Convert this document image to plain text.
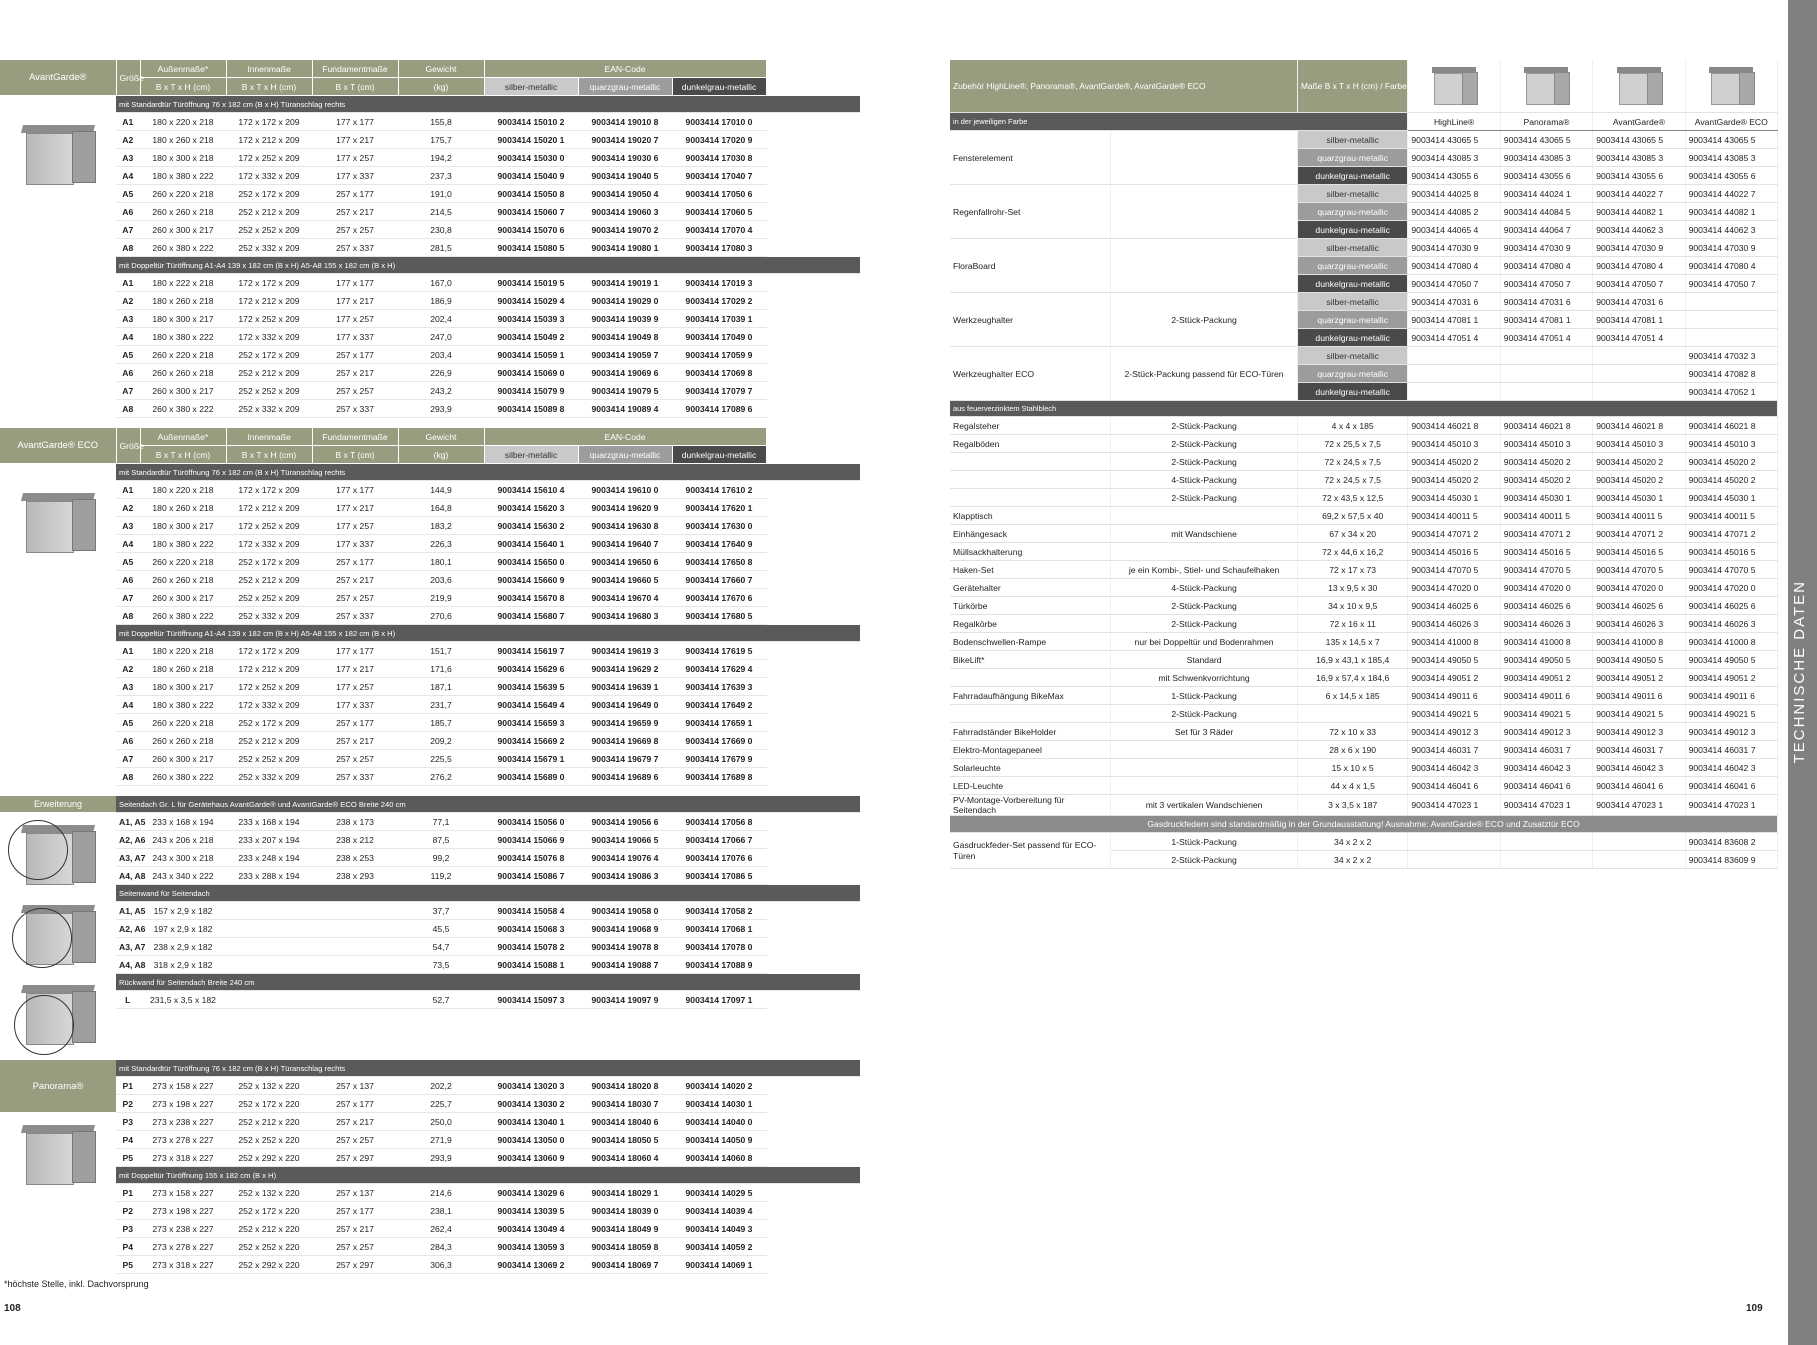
AvantGarde®	Größe	Außenmaße*	Innenmaße	Fundamentmaße	Gewicht	EAN-Code		
		B x T x H (cm)	B x T x H (cm)	B x T (cm)	(kg)	silber-metallic	quarzgrau-metallic	dunkelgrau-metallic
	mit Standardtür Türöffnung 76 x 182 cm (B x H) Türanschlag rechts							
	A1	180 x 220 x 218	172 x 172 x 209	177 x 177	155,8	9003414 15010 2	9003414 19010 8	9003414 17010 0
	A2	180 x 260 x 218	172 x 212 x 209	177 x 217	175,7	9003414 15020 1	9003414 19020 7	9003414 17020 9
	A3	180 x 300 x 218	172 x 252 x 209	177 x 257	194,2	9003414 15030 0	9003414 19030 6	9003414 17030 8
	A4	180 x 380 x 222	172 x 332 x 209	177 x 337	237,3	9003414 15040 9	9003414 19040 5	9003414 17040 7
	A5	260 x 220 x 218	252 x 172 x 209	257 x 177	191,0	9003414 15050 8	9003414 19050 4	9003414 17050 6
	A6	260 x 260 x 218	252 x 212 x 209	257 x 217	214,5	9003414 15060 7	9003414 19060 3	9003414 17060 5
	A7	260 x 300 x 217	252 x 252 x 209	257 x 257	230,8	9003414 15070 6	9003414 19070 2	9003414 17070 4
	A8	260 x 380 x 222	252 x 332 x 209	257 x 337	281,5	9003414 15080 5	9003414 19080 1	9003414 17080 3
	mit Doppeltür Türöffnung A1-A4 139 x 182 cm (B x H) A5-A8 155 x 182 cm (B x H)							
	A1	180 x 222 x 218	172 x 172 x 209	177 x 177	167,0	9003414 15019 5	9003414 19019 1	9003414 17019 3
	A2	180 x 260 x 218	172 x 212 x 209	177 x 217	186,9	9003414 15029 4	9003414 19029 0	9003414 17029 2
	A3	180 x 300 x 217	172 x 252 x 209	177 x 257	202,4	9003414 15039 3	9003414 19039 9	9003414 17039 1
	A4	180 x 380 x 222	172 x 332 x 209	177 x 337	247,0	9003414 15049 2	9003414 19049 8	9003414 17049 0
	A5	260 x 220 x 218	252 x 172 x 209	257 x 177	203,4	9003414 15059 1	9003414 19059 7	9003414 17059 9
	A6	260 x 260 x 218	252 x 212 x 209	257 x 217	226,9	9003414 15069 0	9003414 19069 6	9003414 17069 8
	A7	260 x 300 x 217	252 x 252 x 209	257 x 257	243,2	9003414 15079 9	9003414 19079 5	9003414 17079 7
	A8	260 x 380 x 222	252 x 332 x 209	257 x 337	293,9	9003414 15089 8	9003414 19089 4	9003414 17089 6
AvantGarde® ECO	Größe	Außenmaße*	Innenmaße	Fundamentmaße	Gewicht	EAN-Code		
		B x T x H (cm)	B x T x H (cm)	B x T (cm)	(kg)	silber-metallic	quarzgrau-metallic	dunkelgrau-metallic
	mit Standardtür Türöffnung 76 x 182 cm (B x H) Türanschlag rechts							
	A1	180 x 220 x 218	172 x 172 x 209	177 x 177	144,9	9003414 15610 4	9003414 19610 0	9003414 17610 2
	A2	180 x 260 x 218	172 x 212 x 209	177 x 217	164,8	9003414 15620 3	9003414 19620 9	9003414 17620 1
	A3	180 x 300 x 217	172 x 252 x 209	177 x 257	183,2	9003414 15630 2	9003414 19630 8	9003414 17630 0
	A4	180 x 380 x 222	172 x 332 x 209	177 x 337	226,3	9003414 15640 1	9003414 19640 7	9003414 17640 9
	A5	260 x 220 x 218	252 x 172 x 209	257 x 177	180,1	9003414 15650 0	9003414 19650 6	9003414 17650 8
	A6	260 x 260 x 218	252 x 212 x 209	257 x 217	203,6	9003414 15660 9	9003414 19660 5	9003414 17660 7
	A7	260 x 300 x 217	252 x 252 x 209	257 x 257	219,9	9003414 15670 8	9003414 19670 4	9003414 17670 6
	A8	260 x 380 x 222	252 x 332 x 209	257 x 337	270,6	9003414 15680 7	9003414 19680 3	9003414 17680 5
	mit Doppeltür Türöffnung A1-A4 139 x 182 cm (B x H) A5-A8 155 x 182 cm (B x H)							
	A1	180 x 220 x 218	172 x 172 x 209	177 x 177	151,7	9003414 15619 7	9003414 19619 3	9003414 17619 5
	A2	180 x 260 x 218	172 x 212 x 209	177 x 217	171,6	9003414 15629 6	9003414 19629 2	9003414 17629 4
	A3	180 x 300 x 217	172 x 252 x 209	177 x 257	187,1	9003414 15639 5	9003414 19639 1	9003414 17639 3
	A4	180 x 380 x 222	172 x 332 x 209	177 x 337	231,7	9003414 15649 4	9003414 19649 0	9003414 17649 2
	A5	260 x 220 x 218	252 x 172 x 209	257 x 177	185,7	9003414 15659 3	9003414 19659 9	9003414 17659 1
	A6	260 x 260 x 218	252 x 212 x 209	257 x 217	209,2	9003414 15669 2	9003414 19669 8	9003414 17669 0
	A7	260 x 300 x 217	252 x 252 x 209	257 x 257	225,5	9003414 15679 1	9003414 19679 7	9003414 17679 9
	A8	260 x 380 x 222	252 x 332 x 209	257 x 337	276,2	9003414 15689 0	9003414 19689 6	9003414 17689 8
	Seitendach Gr. L für Gerätehaus AvantGarde® und AvantGarde® ECO Breite 240 cm							
	A1, A5	233 x 168 x 194	233 x 168 x 194	238 x 173	77,1	9003414 15056 0	9003414 19056 6	9003414 17056 8
	A2, A6	243 x 206 x 218	233 x 207 x 194	238 x 212	87,5	9003414 15066 9	9003414 19066 5	9003414 17066 7
	A3, A7	243 x 300 x 218	233 x 248 x 194	238 x 253	99,2	9003414 15076 8	9003414 19076 4	9003414 17076 6
	A4, A8	243 x 340 x 222	233 x 288 x 194	238 x 293	119,2	9003414 15086 7	9003414 19086 3	9003414 17086 5
	Seitenwand für Seitendach							
	A1, A5	157 x 2,9 x 182			37,7	9003414 15058 4	9003414 19058 0	9003414 17058 2
	A2, A6	197 x 2,9 x 182			45,5	9003414 15068 3	9003414 19068 9	9003414 17068 1
	A3, A7	238 x 2,9 x 182			54,7	9003414 15078 2	9003414 19078 8	9003414 17078 0
	A4, A8	318 x 2,9 x 182			73,5	9003414 15088 1	9003414 19088 7	9003414 17088 9
	Rückwand für Seitendach Breite 240 cm							
	L	231,5 x 3,5 x 182			52,7	9003414 15097 3	9003414 19097 9	9003414 17097 1
	mit Standardtür Türöffnung 76 x 182 cm (B x H) Türanschlag rechts							
	P1	273 x 158 x 227	252 x 132 x 220	257 x 137	202,2	9003414 13020 3	9003414 18020 8	9003414 14020 2
	P2	273 x 198 x 227	252 x 172 x 220	257 x 177	225,7	9003414 13030 2	9003414 18030 7	9003414 14030 1
	P3	273 x 238 x 227	252 x 212 x 220	257 x 217	250,0	9003414 13040 1	9003414 18040 6	9003414 14040 0
	P4	273 x 278 x 227	252 x 252 x 220	257 x 257	271,9	9003414 13050 0	9003414 18050 5	9003414 14050 9
	P5	273 x 318 x 227	252 x 292 x 220	257 x 297	293,9	9003414 13060 9	9003414 18060 4	9003414 14060 8
	mit Doppeltür Türöffnung 155 x 182 cm (B x H)							
	P1	273 x 158 x 227	252 x 132 x 220	257 x 137	214,6	9003414 13029 6	9003414 18029 1	9003414 14029 5
	P2	273 x 198 x 227	252 x 172 x 220	257 x 177	238,1	9003414 13039 5	9003414 18039 0	9003414 14039 4
	P3	273 x 238 x 227	252 x 212 x 220	257 x 217	262,4	9003414 13049 4	9003414 18049 9	9003414 14049 3
	P4	273 x 278 x 227	252 x 252 x 220	257 x 257	284,3	9003414 13059 3	9003414 18059 8	9003414 14059 2
	P5	273 x 318 x 227	252 x 292 x 220	257 x 297	306,3	9003414 13069 2	9003414 18069 7	9003414 14069 1
Erweiterung
Panorama®
Zubehör HighLine®, Panorama®, AvantGarde®, AvantGarde® ECO		Maße B x T x H (cm) / Farbe	

in der jeweiligen Farbe			HighLine®	Panorama®	AvantGarde®	AvantGarde® ECO
Fensterelement		silber-metallic	9003414 43065 5	9003414 43065 5	9003414 43065 5	9003414 43065 5
		quarzgrau-metallic	9003414 43085 3	9003414 43085 3	9003414 43085 3	9003414 43085 3
		dunkelgrau-metallic	9003414 43055 6	9003414 43055 6	9003414 43055 6	9003414 43055 6
Regenfallrohr-Set		silber-metallic	9003414 44025 8	9003414 44024 1	9003414 44022 7	9003414 44022 7
		quarzgrau-metallic	9003414 44085 2	9003414 44084 5	9003414 44082 1	9003414 44082 1
		dunkelgrau-metallic	9003414 44065 4	9003414 44064 7	9003414 44062 3	9003414 44062 3
FloraBoard		silber-metallic	9003414 47030 9	9003414 47030 9	9003414 47030 9	9003414 47030 9
		quarzgrau-metallic	9003414 47080 4	9003414 47080 4	9003414 47080 4	9003414 47080 4
		dunkelgrau-metallic	9003414 47050 7	9003414 47050 7	9003414 47050 7	9003414 47050 7
Werkzeughalter	2-Stück-Packung	silber-metallic	9003414 47031 6	9003414 47031 6	9003414 47031 6	
		quarzgrau-metallic	9003414 47081 1	9003414 47081 1	9003414 47081 1	
		dunkelgrau-metallic	9003414 47051 4	9003414 47051 4	9003414 47051 4	
Werkzeughalter ECO	2-Stück-Packung passend für ECO-Türen	silber-metallic				9003414 47032 3
		quarzgrau-metallic				9003414 47082 8
		dunkelgrau-metallic				9003414 47052 1
aus feuerverzinktem Stahlblech						
Regalsteher	2-Stück-Packung	4 x 4 x 185	9003414 46021 8	9003414 46021 8	9003414 46021 8	9003414 46021 8
Regalböden	2-Stück-Packung	72 x 25,5 x 7,5	9003414 45010 3	9003414 45010 3	9003414 45010 3	9003414 45010 3
	2-Stück-Packung	72 x 24,5 x 7,5	9003414 45020 2	9003414 45020 2	9003414 45020 2	9003414 45020 2
	4-Stück-Packung	72 x 24,5 x 7,5	9003414 45020 2	9003414 45020 2	9003414 45020 2	9003414 45020 2
	2-Stück-Packung	72 x 43,5 x 12,5	9003414 45030 1	9003414 45030 1	9003414 45030 1	9003414 45030 1
Klapptisch		69,2 x 57,5 x 40	9003414 40011 5	9003414 40011 5	9003414 40011 5	9003414 40011 5
Einhängesack	mit Wandschiene	67 x 34 x 20	9003414 47071 2	9003414 47071 2	9003414 47071 2	9003414 47071 2
Müllsackhalterung		72 x 44,6 x 16,2	9003414 45016 5	9003414 45016 5	9003414 45016 5	9003414 45016 5
Haken-Set	je ein Kombi-, Stiel- und Schaufelhaken	72 x 17 x 73	9003414 47070 5	9003414 47070 5	9003414 47070 5	9003414 47070 5
Gerätehalter	4-Stück-Packung	13 x 9,5 x 30	9003414 47020 0	9003414 47020 0	9003414 47020 0	9003414 47020 0
Türkörbe	2-Stück-Packung	34 x 10 x 9,5	9003414 46025 6	9003414 46025 6	9003414 46025 6	9003414 46025 6
Regalkörbe	2-Stück-Packung	72 x 16 x 11	9003414 46026 3	9003414 46026 3	9003414 46026 3	9003414 46026 3
Bodenschwellen-Rampe	nur bei Doppeltür und Bodenrahmen	135 x 14,5 x 7	9003414 41000 8	9003414 41000 8	9003414 41000 8	9003414 41000 8
BikeLift*	Standard	16,9 x 43,1 x 185,4	9003414 49050 5	9003414 49050 5	9003414 49050 5	9003414 49050 5
	mit Schwenkvorrichtung	16,9 x 57,4 x 184,6	9003414 49051 2	9003414 49051 2	9003414 49051 2	9003414 49051 2
Fahrradaufhängung BikeMax	1-Stück-Packung	6 x 14,5 x 185	9003414 49011 6	9003414 49011 6	9003414 49011 6	9003414 49011 6
	2-Stück-Packung		9003414 49021 5	9003414 49021 5	9003414 49021 5	9003414 49021 5
Fahrradständer BikeHolder	Set für 3 Räder	72 x 10 x 33	9003414 49012 3	9003414 49012 3	9003414 49012 3	9003414 49012 3
Elektro-Montagepaneel		28 x 6 x 190	9003414 46031 7	9003414 46031 7	9003414 46031 7	9003414 46031 7
Solarleuchte		15 x 10 x 5	9003414 46042 3	9003414 46042 3	9003414 46042 3	9003414 46042 3
LED-Leuchte		44 x 4 x 1,5	9003414 46041 6	9003414 46041 6	9003414 46041 6	9003414 46041 6
PV-Montage-Vorbereitung für Seitendach	mit 3 vertikalen Wandschienen	3 x 3,5 x 187	9003414 47023 1	9003414 47023 1	9003414 47023 1	9003414 47023 1
Gasdruckfedern sind standardmäßig in der Grundausstattung! Ausnahme: AvantGarde® ECO und Zusatztür ECO						
Gasdruckfeder-Set passend für ECO-Türen	1-Stück-Packung	34 x 2 x 2				9003414 83608 2
	2-Stück-Packung	34 x 2 x 2				9003414 83609 9
TECHNISCHE DATEN
*höchste Stelle, inkl. Dachvorsprung
108	109
